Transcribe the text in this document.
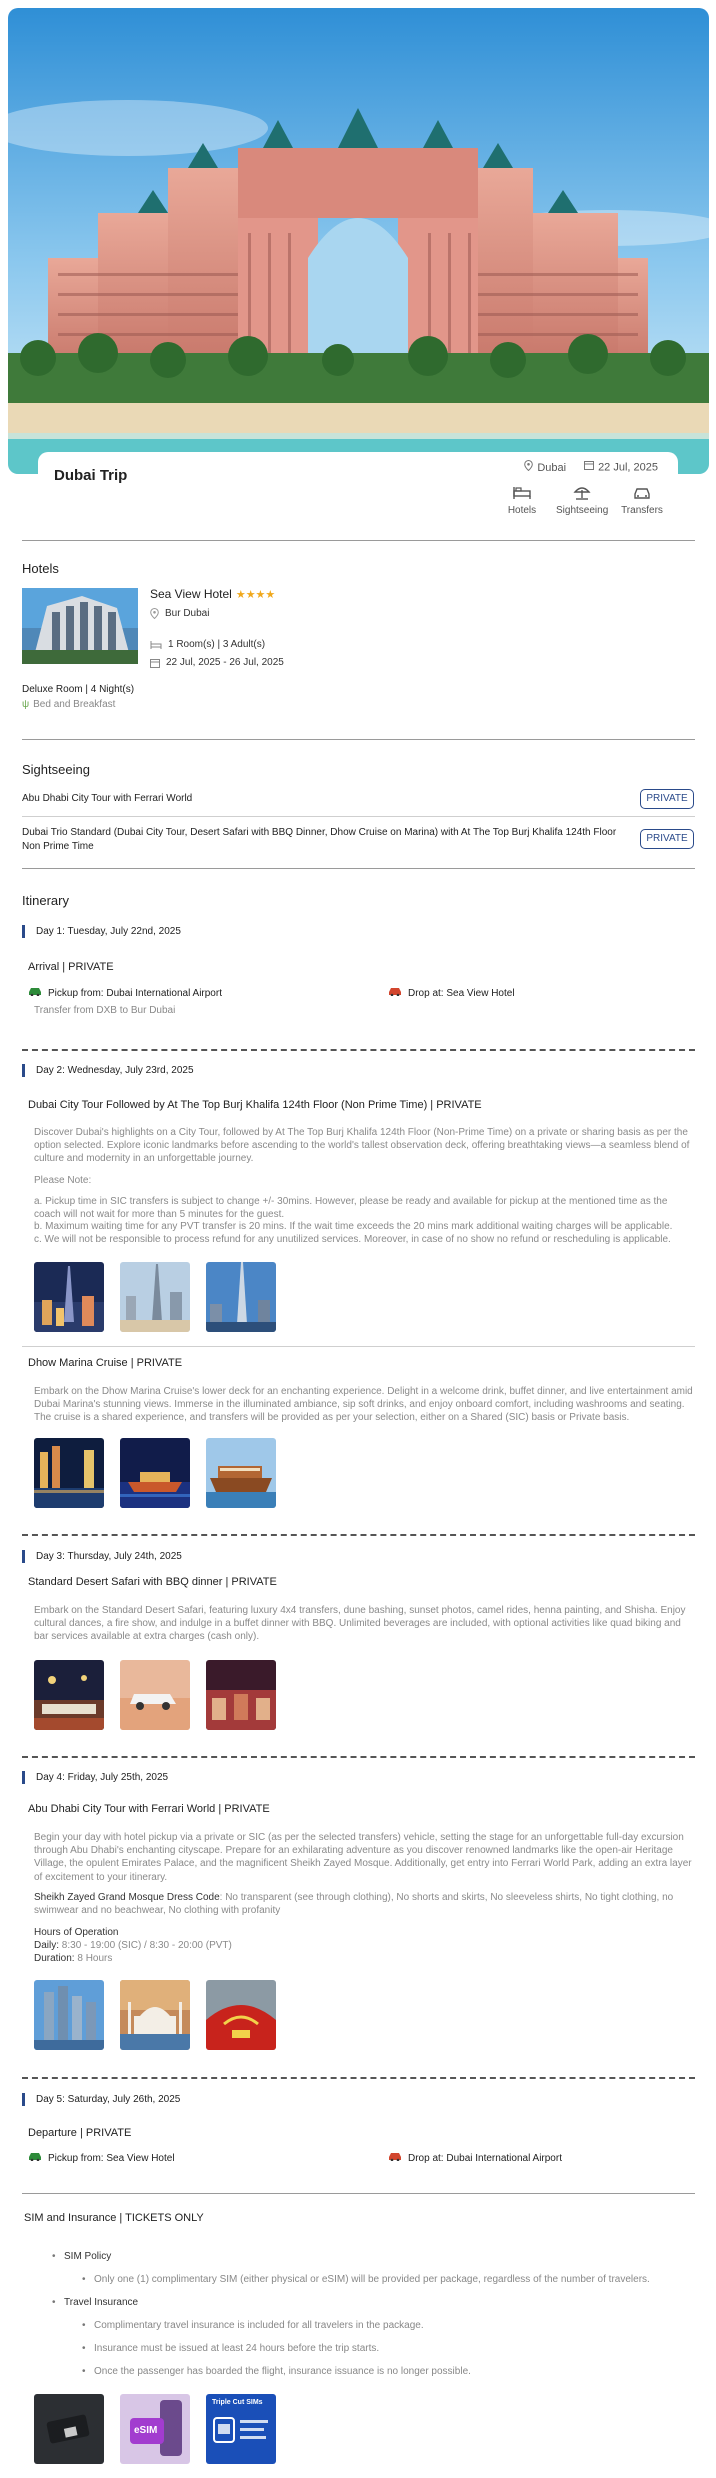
Dubai Trip	Dubai	22 Jul, 2025
Hotels	Sightseeing	Transfers
Hotels
Sea View Hotel ★★★★
Bur Dubai
1 Room(s) | 3 Adult(s)
22 Jul, 2025 - 26 Jul, 2025
Deluxe Room | 4 Night(s)
ψ Bed and Breakfast
Sightseeing
Abu Dhabi City Tour with Ferrari World	PRIVATE
Dubai Trio Standard (Dubai City Tour, Desert Safari with BBQ Dinner, Dhow Cruise on Marina) with At The Top Burj Khalifa 124th Floor Non Prime Time
PRIVATE
Itinerary
Day 1: Tuesday, July 22nd, 2025
Arrival | PRIVATE
Pickup from: Dubai International Airport	Drop at: Sea View Hotel
Transfer from DXB to Bur Dubai
Day 2: Wednesday, July 23rd, 2025
Dubai City Tour Followed by At The Top Burj Khalifa 124th Floor (Non Prime Time) | PRIVATE
Discover Dubai's highlights on a City Tour, followed by At The Top Burj Khalifa 124th Floor (Non-Prime Time) on a private or sharing basis as per the option selected. Explore iconic landmarks before ascending to the world's tallest observation deck, offering breathtaking views—a seamless blend of culture and modernity in an unforgettable journey.
Please Note:
a. Pickup time in SIC transfers is subject to change +/- 30mins. However, please be ready and available for pickup at the mentioned time as the coach will not wait for more than 5 minutes for the guest.
b. Maximum waiting time for any PVT transfer is 20 mins. If the wait time exceeds the 20 mins mark additional waiting charges will be applicable.
c. We will not be responsible to process refund for any unutilized services. Moreover, in case of no show no refund or rescheduling is applicable.
Dhow Marina Cruise | PRIVATE
Embark on the Dhow Marina Cruise's lower deck for an enchanting experience. Delight in a welcome drink, buffet dinner, and live entertainment amid Dubai Marina's stunning views. Immerse in the illuminated ambiance, sip soft drinks, and enjoy onboard comfort, including washrooms and seating. The cruise is a shared experience, and transfers will be provided as per your selection, either on a Shared (SIC) basis or Private basis.
Day 3: Thursday, July 24th, 2025
Standard Desert Safari with BBQ dinner | PRIVATE
Embark on the Standard Desert Safari, featuring luxury 4x4 transfers, dune bashing, sunset photos, camel rides, henna painting, and Shisha. Enjoy cultural dances, a fire show, and indulge in a buffet dinner with BBQ. Unlimited beverages are included, with optional activities like quad biking and bar services available at extra charges (cash only).
Day 4: Friday, July 25th, 2025
Abu Dhabi City Tour with Ferrari World | PRIVATE
Begin your day with hotel pickup via a private or SIC (as per the selected transfers) vehicle, setting the stage for an unforgettable full-day excursion through Abu Dhabi's enchanting cityscape. Prepare for an exhilarating adventure as you discover renowned landmarks like the open-air Heritage Village, the opulent Emirates Palace, and the magnificent Sheikh Zayed Mosque. Additionally, get entry into Ferrari World Park, adding an extra layer of excitement to your itinerary.
Sheikh Zayed Grand Mosque Dress Code: No transparent (see through clothing), No shorts and skirts, No sleeveless shirts, No tight clothing, no swimwear and no beachwear, No clothing with profanity
Hours of Operation
Daily: 8:30 - 19:00 (SIC) / 8:30 - 20:00 (PVT)
Duration: 8 Hours
Day 5: Saturday, July 26th, 2025
Departure | PRIVATE
Pickup from: Sea View Hotel	Drop at: Dubai International Airport
SIM and Insurance | TICKETS ONLY
• SIM Policy
• Only one (1) complimentary SIM (either physical or eSIM) will be provided per package, regardless of the number of travelers.
• Travel Insurance
• Complimentary travel insurance is included for all travelers in the package.
• Insurance must be issued at least 24 hours before the trip starts.
• Once the passenger has boarded the flight, insurance issuance is no longer possible.
eSIM
Triple Cut SIMs
